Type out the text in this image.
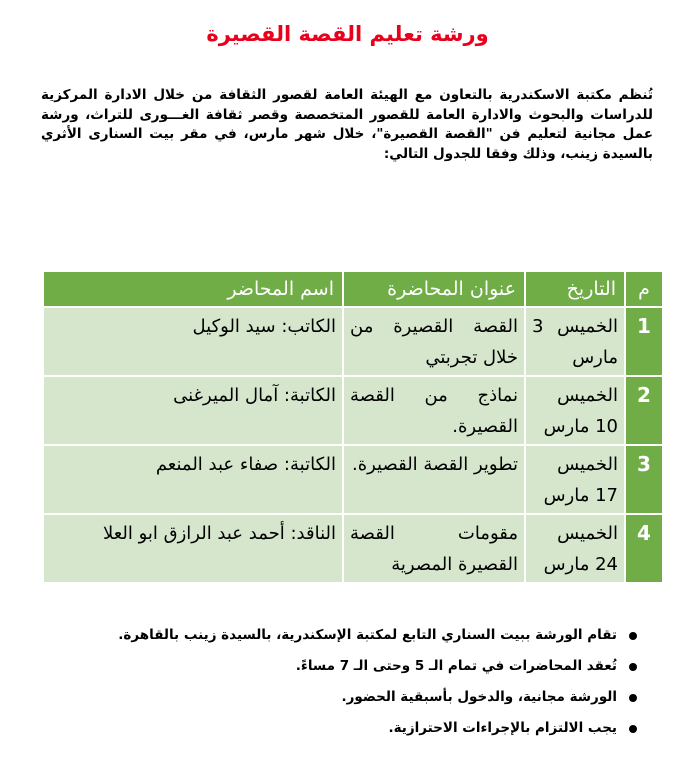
ورشة تعليم القصة القصيرة

تُنظم مكتبة الاسكندرية بالتعاون مع الهيئة العامة لقصور الثقافة من خلال الادارة المركزية للدراسات والبحوث والادارة العامة للقصور المتخصصة وقصر ثقافة الغـــورى للتراث، ورشة عمل مجانية لتعليم فن "القصة القصيرة"، خلال شهر مارس، في مقر بيت السنارى الأثري بالسيدة زينب، وذلك وفقا للجدول التالي:

م	التاريخ	عنوان المحاضرة	اسم المحاضر
1	الخميس 3 مارس	القصة القصيرة من خلال تجربتي	الكاتب: سيد الوكيل
2	الخميس 10 مارس	نماذج من القصة القصيرة.	الكاتبة: آمال الميرغنى
3	الخميس 17 مارس	تطوير القصة القصيرة.	الكاتبة: صفاء عبد المنعم
4	الخميس 24 مارس	مقومات القصة القصيرة المصرية	الناقد: أحمد عبد الرازق ابو العلا
تقام الورشة ببيت السناري التابع لمكتبة الإسكندرية، بالسيدة زينب بالقاهرة.
تُعقد المحاضرات في تمام الـ 5 وحتى الـ 7 مساءً.
الورشة مجانية، والدخول بأسبقية الحضور.
يجب الالتزام بالإجراءات الاحترازية.
